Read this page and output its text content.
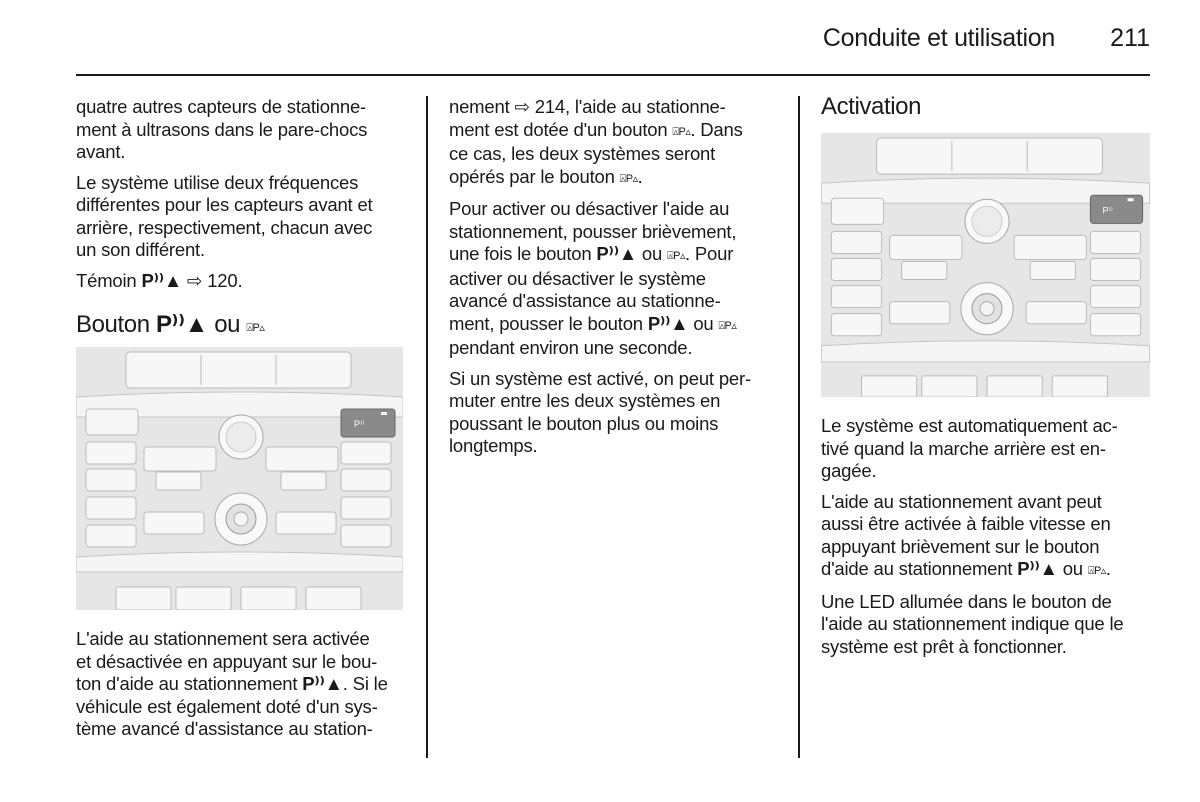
Conduite et utilisation	211

quatre autres capteurs de stationne-
ment à ultrasons dans le pare-chocs
avant.

Le système utilise deux fréquences
différentes pour les capteurs avant et
arrière, respectivement, chacun avec
un son différent.

Témoin P⁾⁾▲ ⇨ 120.

Bouton P⁾⁾▲ ou ⍓P▵
P⁾⁾

L'aide au stationnement sera activée
et désactivée en appuyant sur le bou-
ton d'aide au stationnement P⁾⁾▲. Si le
véhicule est également doté d'un sys-
tème avancé d'assistance au station-

nement ⇨ 214, l'aide au stationne-
ment est dotée d'un bouton ⍓P▵. Dans
ce cas, les deux systèmes seront
opérés par le bouton ⍓P▵.

Pour activer ou désactiver l'aide au
stationnement, pousser brièvement,
une fois le bouton P⁾⁾▲ ou ⍓P▵. Pour
activer ou désactiver le système
avancé d'assistance au stationne-
ment, pousser le bouton P⁾⁾▲ ou ⍓P▵
pendant environ une seconde.

Si un système est activé, on peut per-
muter entre les deux systèmes en
poussant le bouton plus ou moins
longtemps.

Activation
P⁾⁾

Le système est automatiquement ac-
tivé quand la marche arrière est en-
gagée.

L'aide au stationnement avant peut
aussi être activée à faible vitesse en
appuyant brièvement sur le bouton
d'aide au stationnement P⁾⁾▲ ou ⍓P▵.

Une LED allumée dans le bouton de
l'aide au stationnement indique que le
système est prêt à fonctionner.
